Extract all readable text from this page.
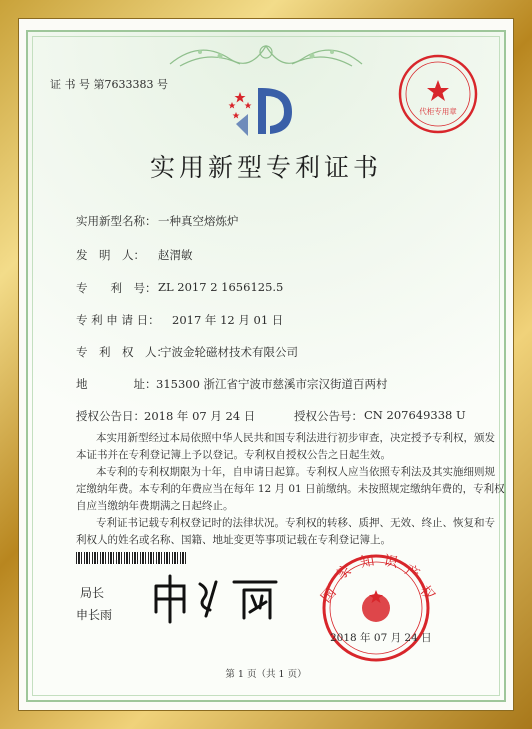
代柜专用章
证 书 号 第7633383 号
实用新型专利证书
实用新型名称： 一种真空熔炼炉
发　明　人： 赵渭敏
专　　利　号： ZL 2017 2 1656125.5
专 利 申 请 日： 2017 年 12 月 01 日
专　利　权　人：
宁波金轮磁材技术有限公司
地　　　　址： 315300 浙江省宁波市慈溪市宗汉街道百两村
授权公告日： 2018 年 07 月 24 日	授权公告号： CN 207649338 U
本实用新型经过本局依照中华人民共和国专利法进行初步审查，决定授予专利权，颁发
本证书并在专利登记簿上予以登记。专利权自授权公告之日起生效。
本专利的专利权期限为十年，自申请日起算。专利权人应当依照专利法及其实施细则规
定缴纳年费。本专利的年费应当在每年 12 月 01 日前缴纳。未按照规定缴纳年费的，专利权
自应当缴纳年费期满之日起终止。
专利证书记载专利权登记时的法律状况。专利权的转移、质押、无效、终止、恢复和专
利权人的姓名或名称、国籍、地址变更等事项记载在专利登记簿上。
局长
申长雨
国
家
知 识
产
权
2018 年 07 月 24 日
第 1 页（共 1 页）
